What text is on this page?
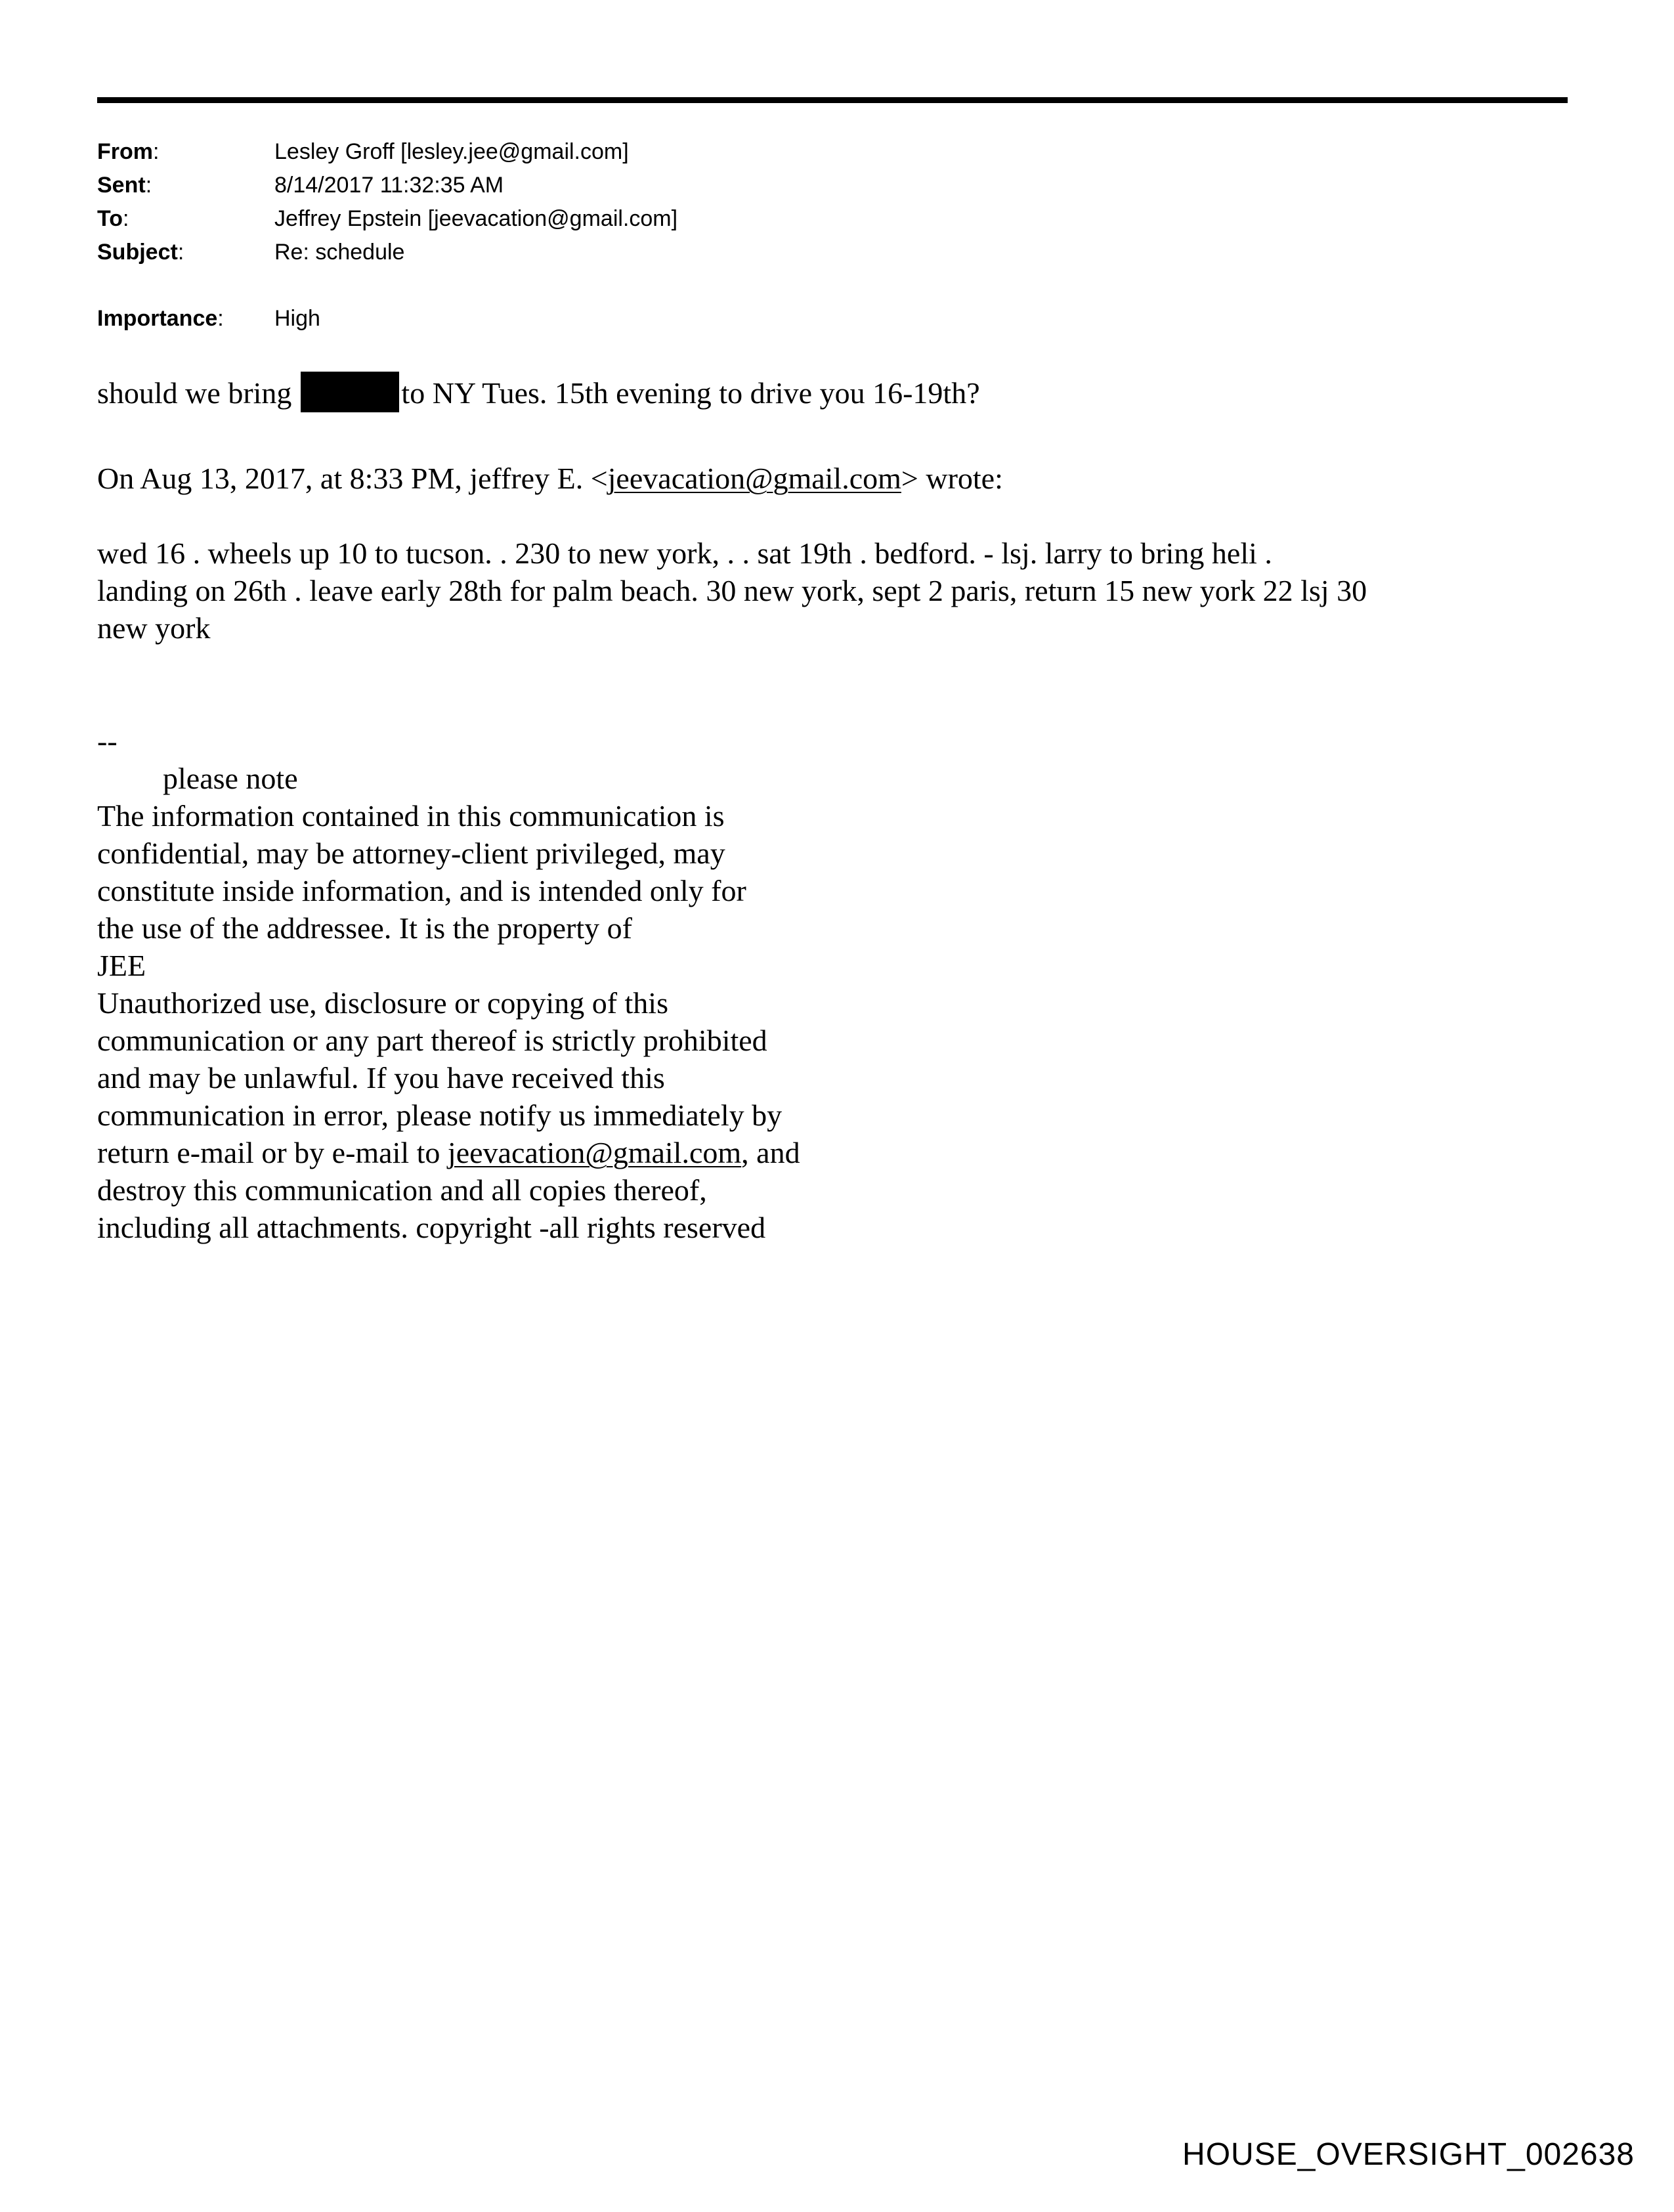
From:	Lesley Groff [lesley.jee@gmail.com]
Sent:	8/14/2017 11:32:35 AM
To:	Jeffrey Epstein [jeevacation@gmail.com]
Subject:	Re: schedule
Importance:	High
should we bring	to NY Tues. 15th evening to drive you 16-19th?
On Aug 13, 2017, at 8:33 PM, jeffrey E. <jeevacation@gmail.com> wrote:

wed 16 . wheels up 10 to tucson. . 230 to new york, . . sat 19th . bedford. - lsj. larry to bring heli .

landing on 26th . leave early 28th for palm beach. 30 new york, sept 2 paris, return 15 new york 22 lsj 30

new york

--

please note

The information contained in this communication is

confidential, may be attorney-client privileged, may

constitute inside information, and is intended only for

the use of the addressee. It is the property of

JEE

Unauthorized use, disclosure or copying of this

communication or any part thereof is strictly prohibited

and may be unlawful. If you have received this

communication in error, please notify us immediately by

return e-mail or by e-mail to jeevacation@gmail.com, and

destroy this communication and all copies thereof,

including all attachments. copyright -all rights reserved

HOUSE_OVERSIGHT_002638
